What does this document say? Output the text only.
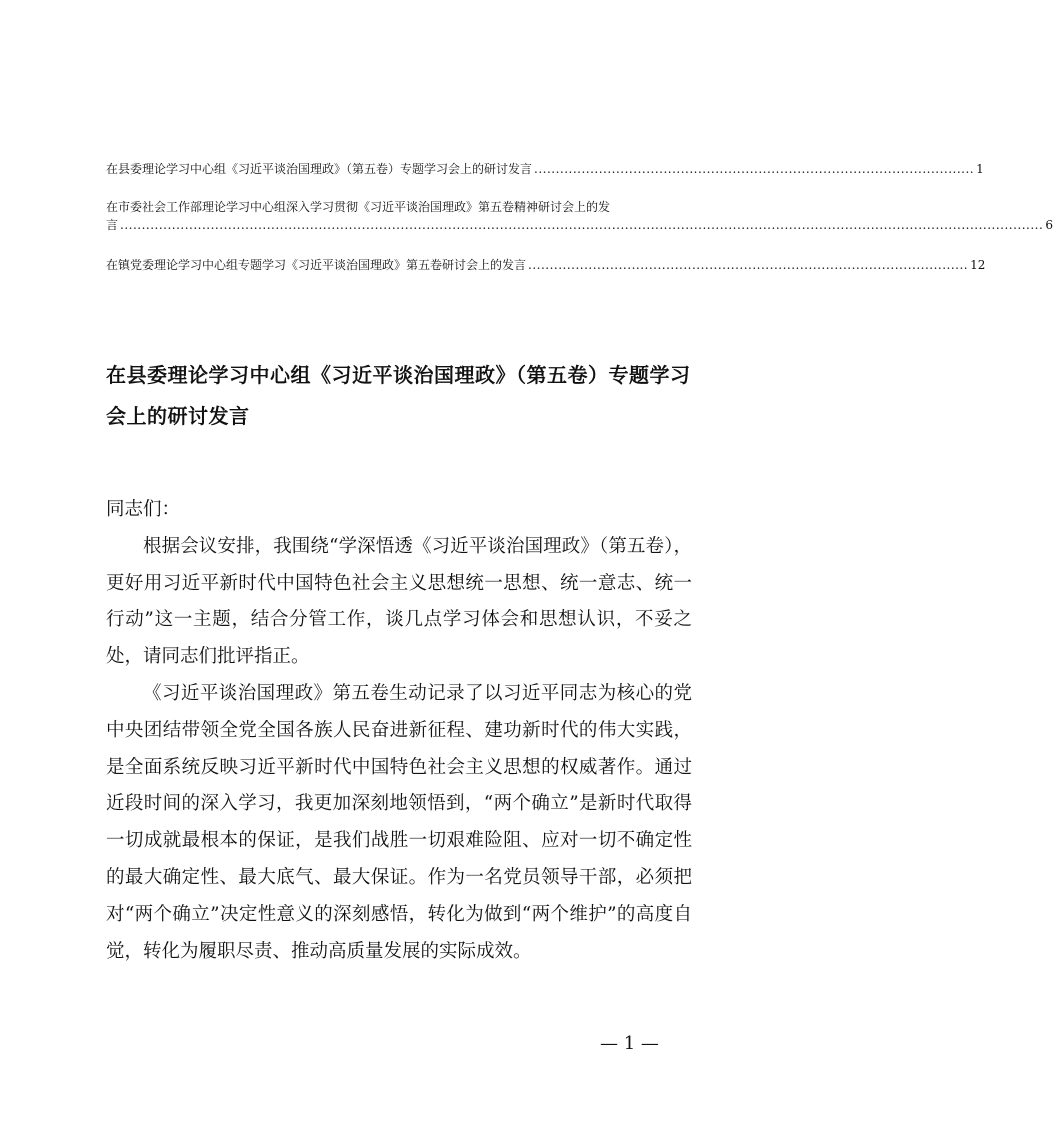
在县委理论学习中心组《习近平谈治国理政》（第五卷）专题学习会上的研讨发言 ...................................................................................................... 1
在市委社会工作部理论学习中心组深入学习贯彻《习近平谈治国理政》第五卷精神研讨会上的发
言 ...................................................................................................................................................................................................................... 6
在镇党委理论学习中心组专题学习《习近平谈治国理政》第五卷研讨会上的发言 ...................................................................................................... 12
在县委理论学习中心组《习近平谈治国理政》（第五卷）专题学习会上的研讨发言

同志们：

根据会议安排，我围绕“学深悟透《习近平谈治国理政》（第五卷），更好用习近平新时代中国特色社会主义思想统一思想、统一意志、统一行动”这一主题，结合分管工作，谈几点学习体会和思想认识，不妥之处，请同志们批评指正。

《习近平谈治国理政》第五卷生动记录了以习近平同志为核心的党中央团结带领全党全国各族人民奋进新征程、建功新时代的伟大实践，是全面系统反映习近平新时代中国特色社会主义思想的权威著作。通过近段时间的深入学习，我更加深刻地领悟到，“两个确立”是新时代取得一切成就最根本的保证，是我们战胜一切艰难险阻、应对一切不确定性的最大确定性、最大底气、最大保证。作为一名党员领导干部，必须把对“两个确立”决定性意义的深刻感悟，转化为做到“两个维护”的高度自觉，转化为履职尽责、推动高质量发展的实际成效。

— 1 —
